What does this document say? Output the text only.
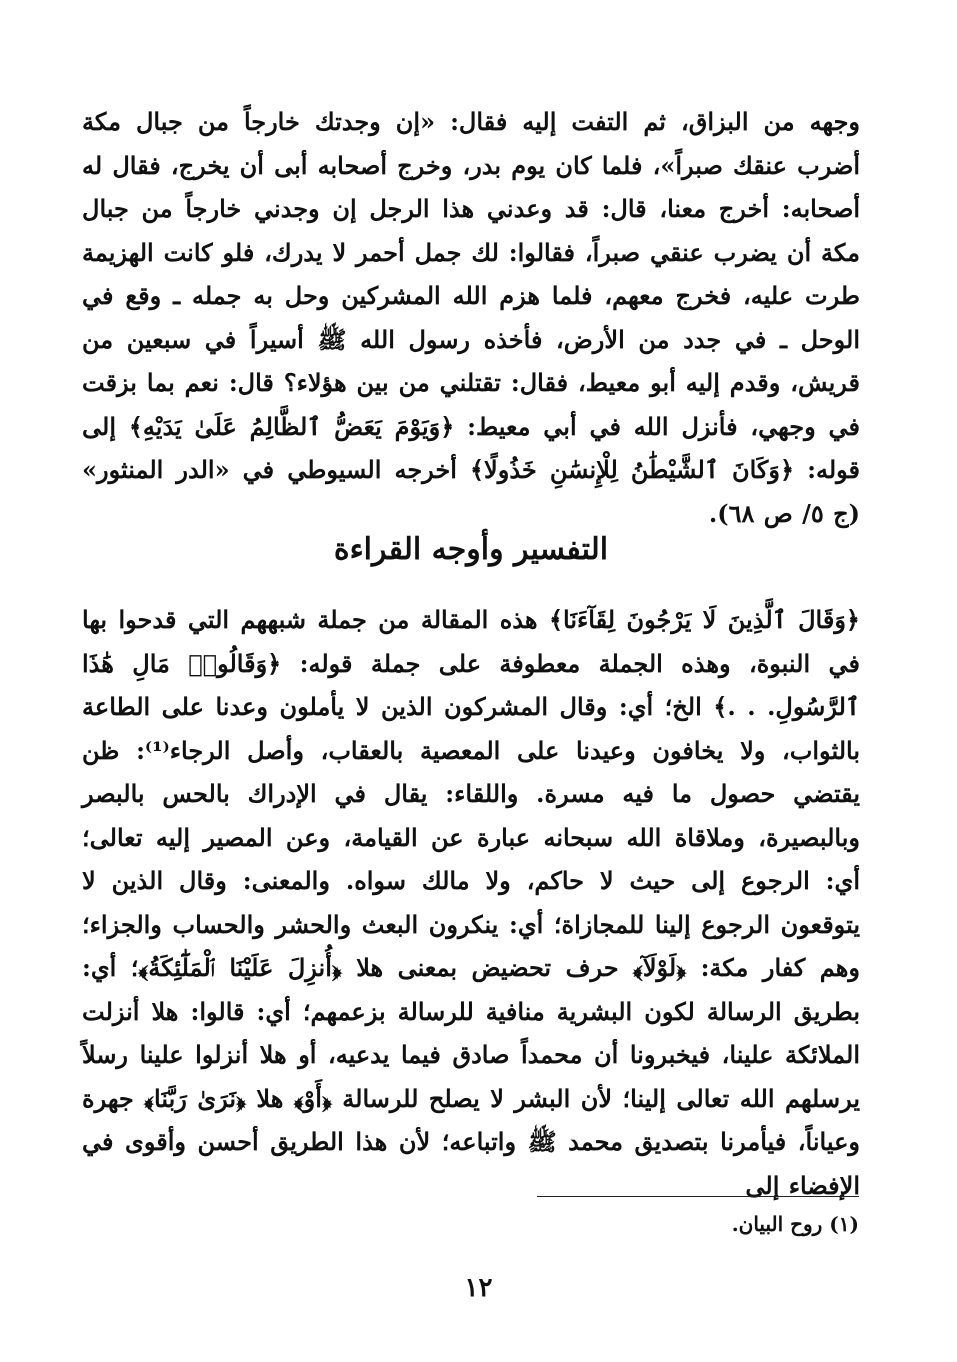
وجهه من البزاق، ثم التفت إليه فقال: «إن وجدتك خارجاً من جبال مكة أضرب عنقك صبراً»، فلما كان يوم بدر، وخرج أصحابه أبى أن يخرج، فقال له أصحابه: أخرج معنا، قال: قد وعدني هذا الرجل إن وجدني خارجاً من جبال مكة أن يضرب عنقي صبراً، فقالوا: لك جمل أحمر لا يدرك، فلو كانت الهزيمة طرت عليه، فخرج معهم، فلما هزم الله المشركين وحل به جمله ـ وقع في الوحل ـ في جدد من الأرض، فأخذه رسول الله ﷺ أسيراً في سبعين من قريش، وقدم إليه أبو معيط، فقال: تقتلني من بين هؤلاء؟ قال: نعم بما بزقت في وجهي، فأنزل الله في أبي معيط: ﴿وَيَوْمَ يَعَضُّ ٱلظَّالِمُ عَلَىٰ يَدَيْهِ﴾ إلى قوله: ﴿وَكَانَ ٱلشَّيْطَٰنُ لِلْإِنسَٰنِ خَذُولًا﴾ أخرجه السيوطي في «الدر المنثور» (ج ٥/ ص ٦٨).

التفسير وأوجه القراءة

﴿وَقَالَ ٱلَّذِينَ لَا يَرْجُونَ لِقَآءَنَا﴾ هذه المقالة من جملة شبههم التي قدحوا بها في النبوة، وهذه الجملة معطوفة على جملة قوله: ﴿وَقَالُوا۟ مَالِ هَٰذَا ٱلرَّسُولِ. . .﴾ الخ؛ أي: وقال المشركون الذين لا يأملون وعدنا على الطاعة بالثواب، ولا يخافون وعيدنا على المعصية بالعقاب، وأصل الرجاء⁽¹⁾: ظن يقتضي حصول ما فيه مسرة. واللقاء: يقال في الإدراك بالحس بالبصر وبالبصيرة، وملاقاة الله سبحانه عبارة عن القيامة، وعن المصير إليه تعالى؛ أي: الرجوع إلى حيث لا حاكم، ولا مالك سواه. والمعنى: وقال الذين لا يتوقعون الرجوع إلينا للمجازاة؛ أي: ينكرون البعث والحشر والحساب والجزاء؛ وهم كفار مكة: ﴿لَوْلَآ﴾ حرف تحضيض بمعنى هلا ﴿أُنزِلَ عَلَيْنَا ٱلْمَلَٰٓئِكَةُ﴾؛ أي: بطريق الرسالة لكون البشرية منافية للرسالة بزعمهم؛ أي: قالوا: هلا أنزلت الملائكة علينا، فيخبرونا أن محمداً صادق فيما يدعيه، أو هلا أنزلوا علينا رسلاً يرسلهم الله تعالى إلينا؛ لأن البشر لا يصلح للرسالة ﴿أَوْ﴾ هلا ﴿نَرَىٰ رَبَّنَا﴾ جهرة وعياناً، فيأمرنا بتصديق محمد ﷺ واتباعه؛ لأن هذا الطريق أحسن وأقوى في الإفضاء إلى

(١) روح البيان.

١٢
